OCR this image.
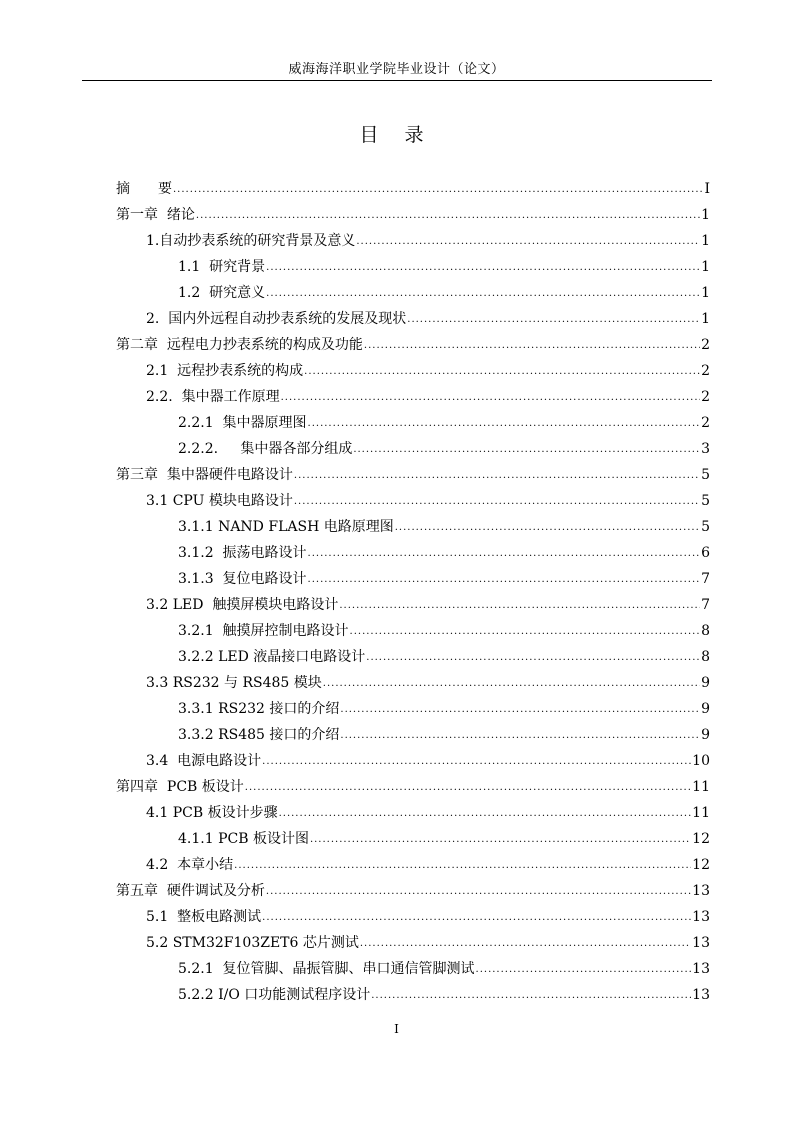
威海海洋职业学院毕业设计（论文）
目 录
摘　　要 .....	I
第一章  绪论 .....	1
1.自动抄表系统的研究背景及意义 .....	1
1.1  研究背景 .....	1
1.2  研究意义 .....	1
2.  国内外远程自动抄表系统的发展及现状 .....	1
第二章  远程电力抄表系统的构成及功能 .....	2
2.1  远程抄表系统的构成 .....	2
2.2.  集中器工作原理 .....	2
2.2.1  集中器原理图 .....	2
2.2.2.     集中器各部分组成 .....	3
第三章  集中器硬件电路设计 .....	5
3.1 CPU 模块电路设计 .....	5
3.1.1 NAND FLASH 电路原理图 .....	5
3.1.2  振荡电路设计 .....	6
3.1.3  复位电路设计 .....	7
3.2 LED  触摸屏模块电路设计 .....	7
3.2.1  触摸屏控制电路设计 .....	8
3.2.2 LED 液晶接口电路设计 .....	8
3.3 RS232 与 RS485 模块 .....	9
3.3.1 RS232 接口的介绍 .....	9
3.3.2 RS485 接口的介绍 .....	9
3.4  电源电路设计 .....	10
第四章  PCB 板设计 .....	11
4.1 PCB 板设计步骤 .....	11
4.1.1 PCB 板设计图 .....	12
4.2  本章小结 .....	12
第五章  硬件调试及分析 .....	13
5.1  整板电路测试 .....	13
5.2 STM32F103ZET6 芯片测试 .....	13
5.2.1  复位管脚、晶振管脚、串口通信管脚测试 .....	13
5.2.2 I/O 口功能测试程序设计 .....	13
I
